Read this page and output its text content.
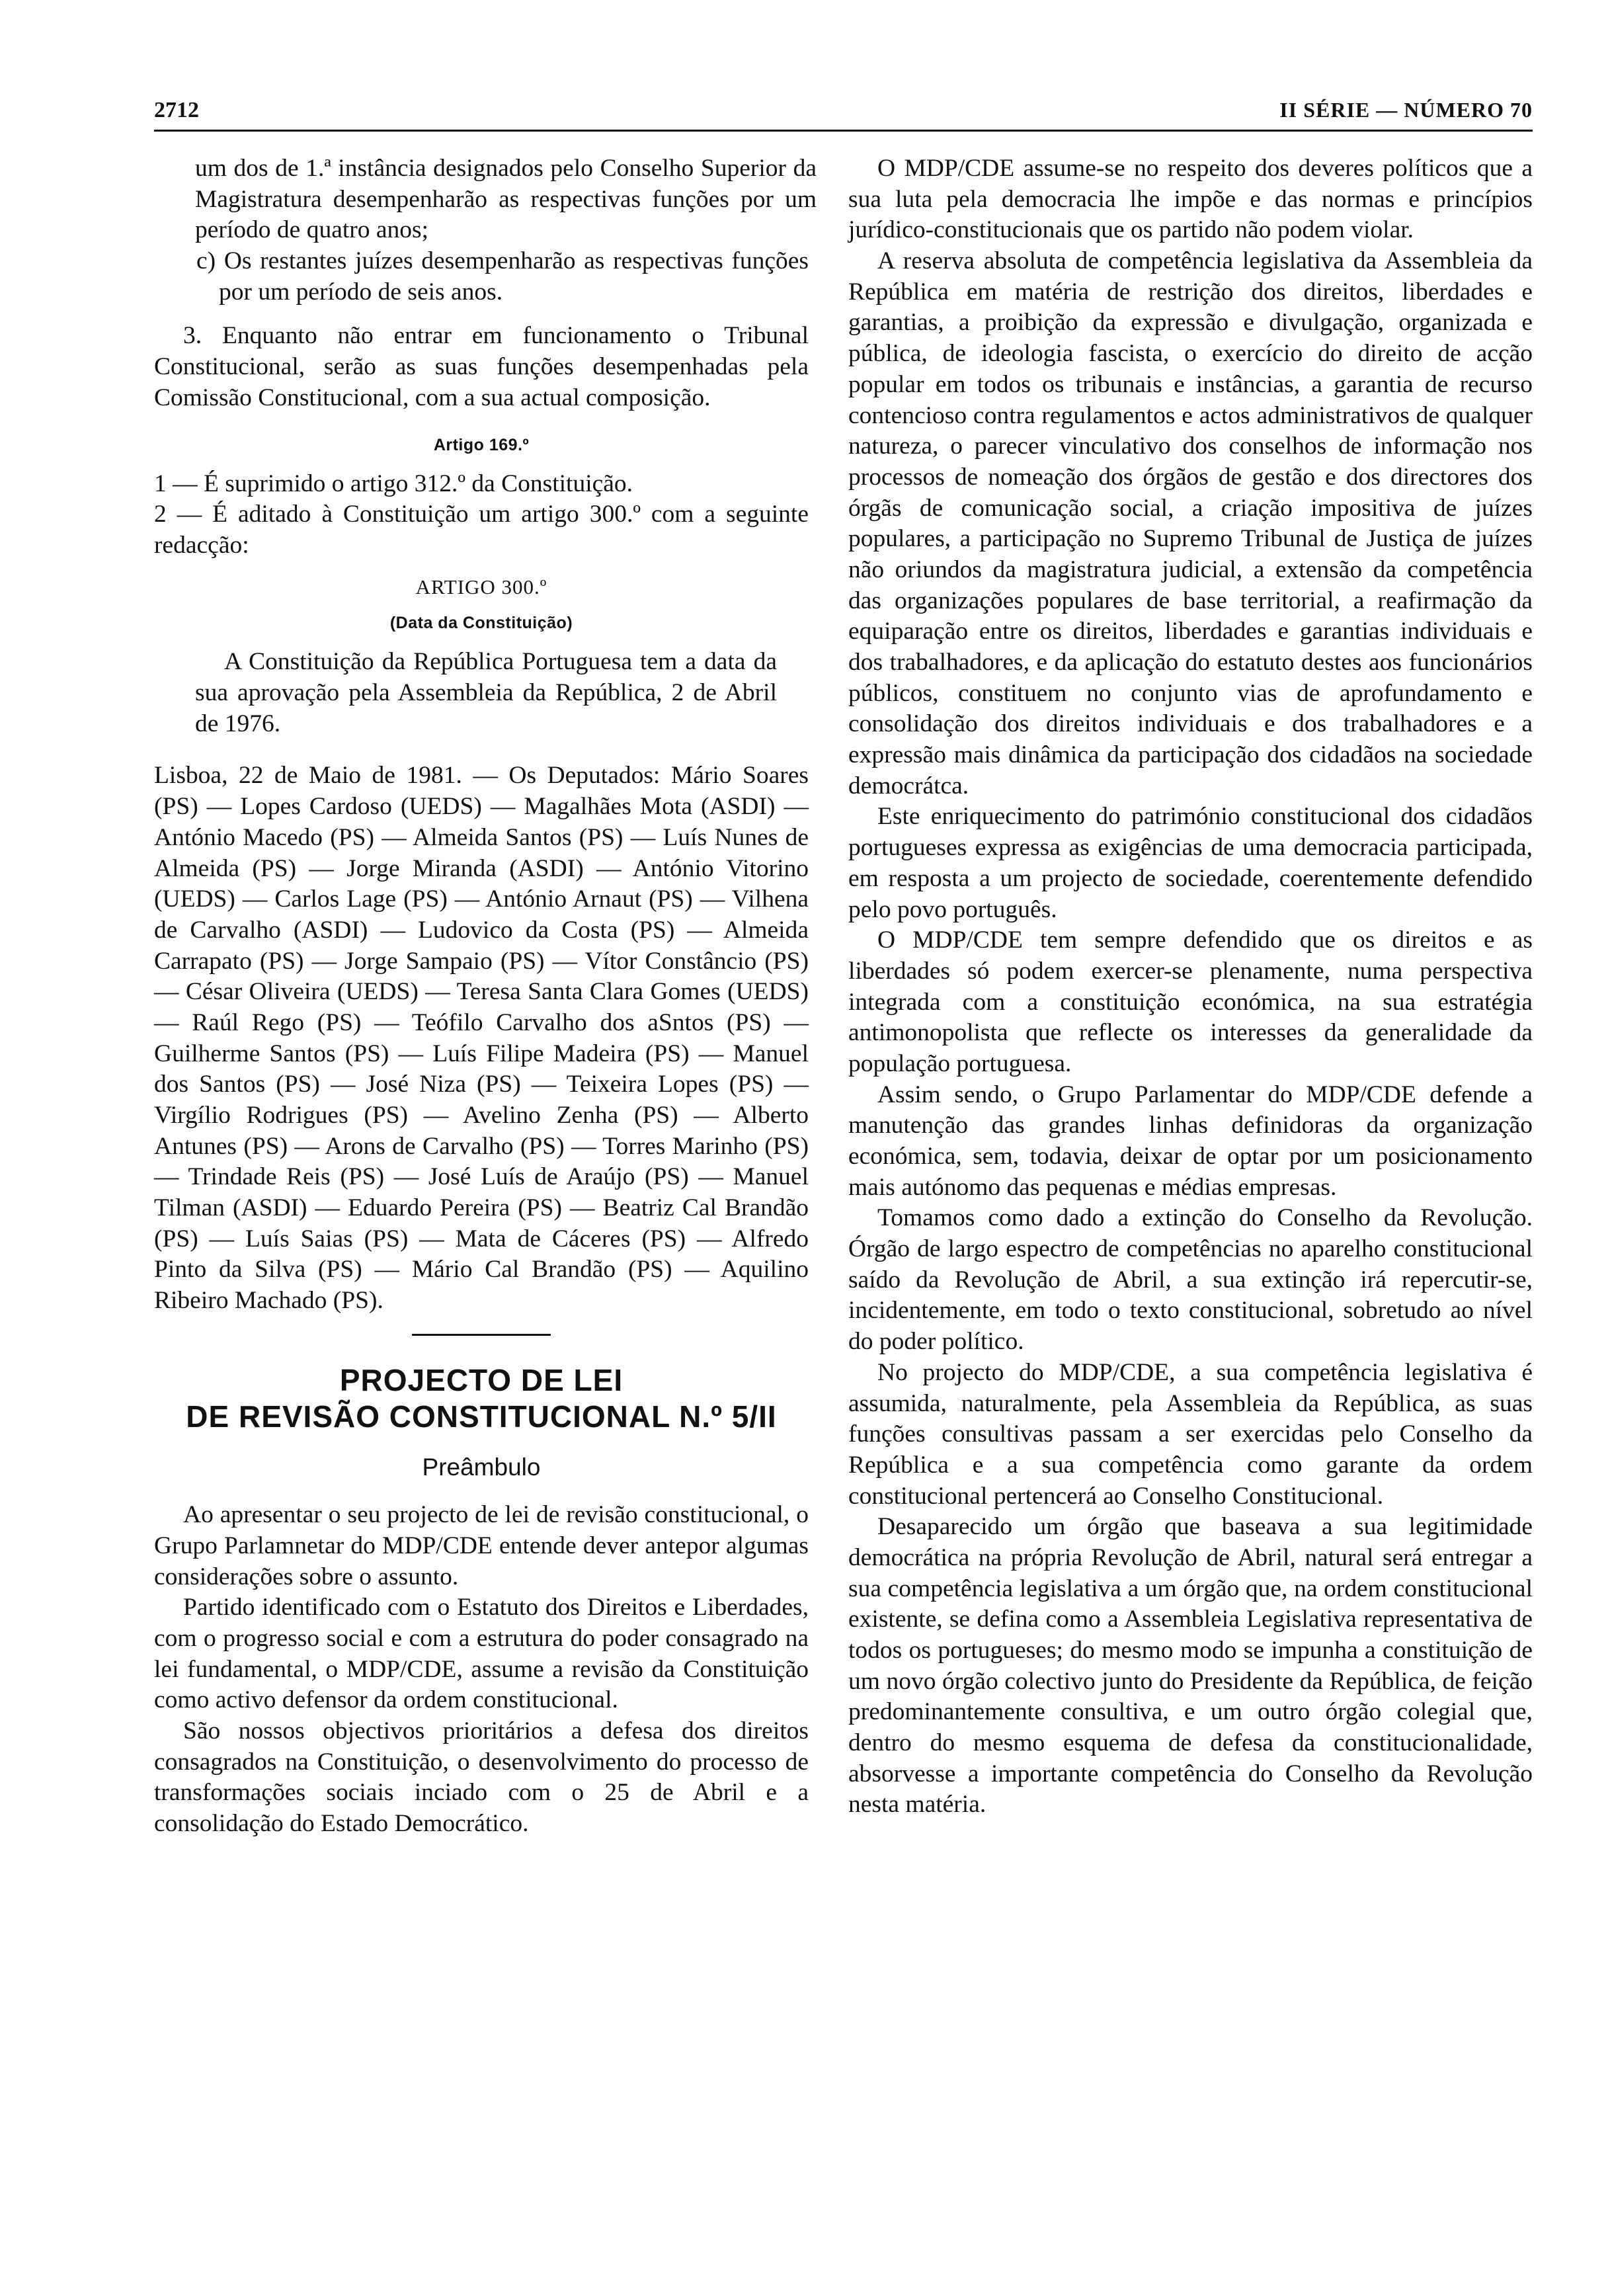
2712	II SÉRIE — NÚMERO 70

um dos de 1.ª instância designados pelo Conselho Superior da Magistratura desempenharão as respectivas funções por um período de quatro anos;

c) Os restantes juízes desempenharão as respectivas funções por um período de seis anos.

3. Enquanto não entrar em funcionamento o Tribunal Constitucional, serão as suas funções desempenhadas pela Comissão Constitucional, com a sua actual composição.

Artigo 169.º

1 — É suprimido o artigo 312.º da Constituição.

2 — É aditado à Constituição um artigo 300.º com a seguinte redacção:

ARTIGO 300.º

(Data da Constituição)

A Constituição da República Portuguesa tem a data da sua aprovação pela Assembleia da República, 2 de Abril de 1976.

Lisboa, 22 de Maio de 1981. — Os Deputados: Mário Soares (PS) — Lopes Cardoso (UEDS) — Magalhães Mota (ASDI) — António Macedo (PS) — Almeida Santos (PS) — Luís Nunes de Almeida (PS) — Jorge Miranda (ASDI) — António Vitorino (UEDS) — Carlos Lage (PS) — António Arnaut (PS) — Vilhena de Carvalho (ASDI) — Ludovico da Costa (PS) — Almeida Carrapato (PS) — Jorge Sampaio (PS) — Vítor Constâncio (PS) — César Oliveira (UEDS) — Teresa Santa Clara Gomes (UEDS) — Raúl Rego (PS) — Teófilo Carvalho dos aSntos (PS) — Guilherme Santos (PS) — Luís Filipe Madeira (PS) — Manuel dos Santos (PS) — José Niza (PS) — Teixeira Lopes (PS) — Virgílio Rodrigues (PS) — Avelino Zenha (PS) — Alberto Antunes (PS) — Arons de Carvalho (PS) — Torres Marinho (PS) — Trindade Reis (PS) — José Luís de Araújo (PS) — Manuel Tilman (ASDI) — Eduardo Pereira (PS) — Beatriz Cal Brandão (PS) — Luís Saias (PS) — Mata de Cáceres (PS) — Alfredo Pinto da Silva (PS) — Mário Cal Brandão (PS) — Aquilino Ribeiro Machado (PS).

PROJECTO DE LEI

DE REVISÃO CONSTITUCIONAL N.º 5/II

Preâmbulo

Ao apresentar o seu projecto de lei de revisão constitucional, o Grupo Parlamnetar do MDP/CDE entende dever antepor algumas considerações sobre o assunto.

Partido identificado com o Estatuto dos Direitos e Liberdades, com o progresso social e com a estrutura do poder consagrado na lei fundamental, o MDP/CDE, assume a revisão da Constituição como activo defensor da ordem constitucional.

São nossos objectivos prioritários a defesa dos direitos consagrados na Constituição, o desenvolvimento do processo de transformações sociais inciado com o 25 de Abril e a consolidação do Estado Democrático.

O MDP/CDE assume-se no respeito dos deveres políticos que a sua luta pela democracia lhe impõe e das normas e princípios jurídico-constitucionais que os partido não podem violar.

A reserva absoluta de competência legislativa da Assembleia da República em matéria de restrição dos direitos, liberdades e garantias, a proibição da expressão e divulgação, organizada e pública, de ideologia fascista, o exercício do direito de acção popular em todos os tribunais e instâncias, a garantia de recurso contencioso contra regulamentos e actos administrativos de qualquer natureza, o parecer vinculativo dos conselhos de informação nos processos de nomeação dos órgãos de gestão e dos directores dos órgãs de comunicação social, a criação impositiva de juízes populares, a participação no Supremo Tribunal de Justiça de juízes não oriundos da magistratura judicial, a extensão da competência das organizações populares de base territorial, a reafirmação da equiparação entre os direitos, liberdades e garantias individuais e dos trabalhadores, e da aplicação do estatuto destes aos funcionários públicos, constituem no conjunto vias de aprofundamento e consolidação dos direitos individuais e dos trabalhadores e a expressão mais dinâmica da participação dos cidadãos na sociedade democrátca.

Este enriquecimento do património constitucional dos cidadãos portugueses expressa as exigências de uma democracia participada, em resposta a um projecto de sociedade, coerentemente defendido pelo povo português.

O MDP/CDE tem sempre defendido que os direitos e as liberdades só podem exercer-se plenamente, numa perspectiva integrada com a constituição económica, na sua estratégia antimonopolista que reflecte os interesses da generalidade da população portuguesa.

Assim sendo, o Grupo Parlamentar do MDP/CDE defende a manutenção das grandes linhas definidoras da organização económica, sem, todavia, deixar de optar por um posicionamento mais autónomo das pequenas e médias empresas.

Tomamos como dado a extinção do Conselho da Revolução. Órgão de largo espectro de competências no aparelho constitucional saído da Revolução de Abril, a sua extinção irá repercutir-se, incidentemente, em todo o texto constitucional, sobretudo ao nível do poder político.

No projecto do MDP/CDE, a sua competência legislativa é assumida, naturalmente, pela Assembleia da República, as suas funções consultivas passam a ser exercidas pelo Conselho da República e a sua competência como garante da ordem constitucional pertencerá ao Conselho Constitucional.

Desaparecido um órgão que baseava a sua legitimidade democrática na própria Revolução de Abril, natural será entregar a sua competência legislativa a um órgão que, na ordem constitucional existente, se defina como a Assembleia Legislativa representativa de todos os portugueses; do mesmo modo se impunha a constituição de um novo órgão colectivo junto do Presidente da República, de feição predominantemente consultiva, e um outro órgão colegial que, dentro do mesmo esquema de defesa da constitucionalidade, absorvesse a importante competência do Conselho da Revolução nesta matéria.
